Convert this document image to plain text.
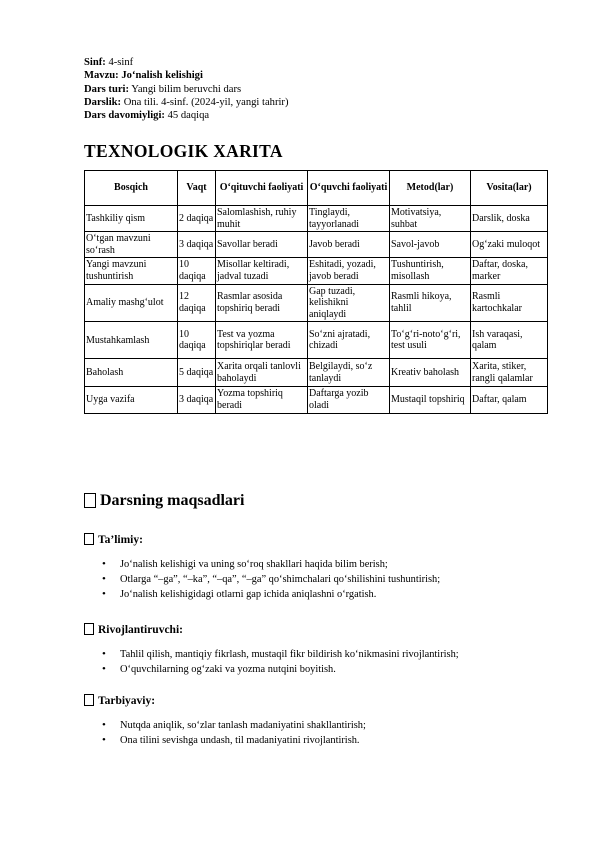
Sinf: 4-sinf
Mavzu: Jo‘nalish kelishigi
Dars turi: Yangi bilim beruvchi dars
Darslik: Ona tili. 4-sinf. (2024-yil, yangi tahrir)
Dars davomiyligi: 45 daqiqa
TEXNOLOGIK XARITA
Bosqich	Vaqt	O‘qituvchi faoliyati	O‘quvchi faoliyati	Metod(lar)	Vosita(lar)
Tashkiliy qism	2 daqiqa	Salomlashish, ruhiy muhit	Tinglaydi, tayyorlanadi	Motivatsiya, suhbat	Darslik, doska
O‘tgan mavzuni so‘rash	3 daqiqa	Savollar beradi	Javob beradi	Savol-javob	Og‘zaki muloqot
Yangi mavzuni tushuntirish	10 daqiqa	Misollar keltiradi, jadval tuzadi	Eshitadi, yozadi, javob beradi	Tushuntirish, misollash	Daftar, doska, marker
Amaliy mashg‘ulot	12 daqiqa	Rasmlar asosida topshiriq beradi	Gap tuzadi, kelishikni aniqlaydi	Rasmli hikoya, tahlil	Rasmli kartochkalar
Mustahkamlash	10 daqiqa	Test va yozma topshiriqlar beradi	So‘zni ajratadi, chizadi	To‘g‘ri-noto‘g‘ri, test usuli	Ish varaqasi, qalam
Baholash	5 daqiqa	Xarita orqali tanlovli baholaydi	Belgilaydi, so‘z tanlaydi	Kreativ baholash	Xarita, stiker, rangli qalamlar
Uyga vazifa	3 daqiqa	Yozma topshiriq beradi	Daftarga yozib oladi	Mustaqil topshiriq	Daftar, qalam
Darsning maqsadlari
Ta’limiy:
• Jo‘nalish kelishigi va uning so‘roq shakllari haqida bilim berish;
• Otlarga “–ga”, “–ka”, “–qa”, “–ga” qo‘shimchalari qo‘shilishini tushuntirish;
• Jo‘nalish kelishigidagi otlarni gap ichida aniqlashni o‘rgatish.
Rivojlantiruvchi:
• Tahlil qilish, mantiqiy fikrlash, mustaqil fikr bildirish ko‘nikmasini rivojlantirish;
• O‘quvchilarning og‘zaki va yozma nutqini boyitish.
Tarbiyaviy:
• Nutqda aniqlik, so‘zlar tanlash madaniyatini shakllantirish;
• Ona tilini sevishga undash, til madaniyatini rivojlantirish.
